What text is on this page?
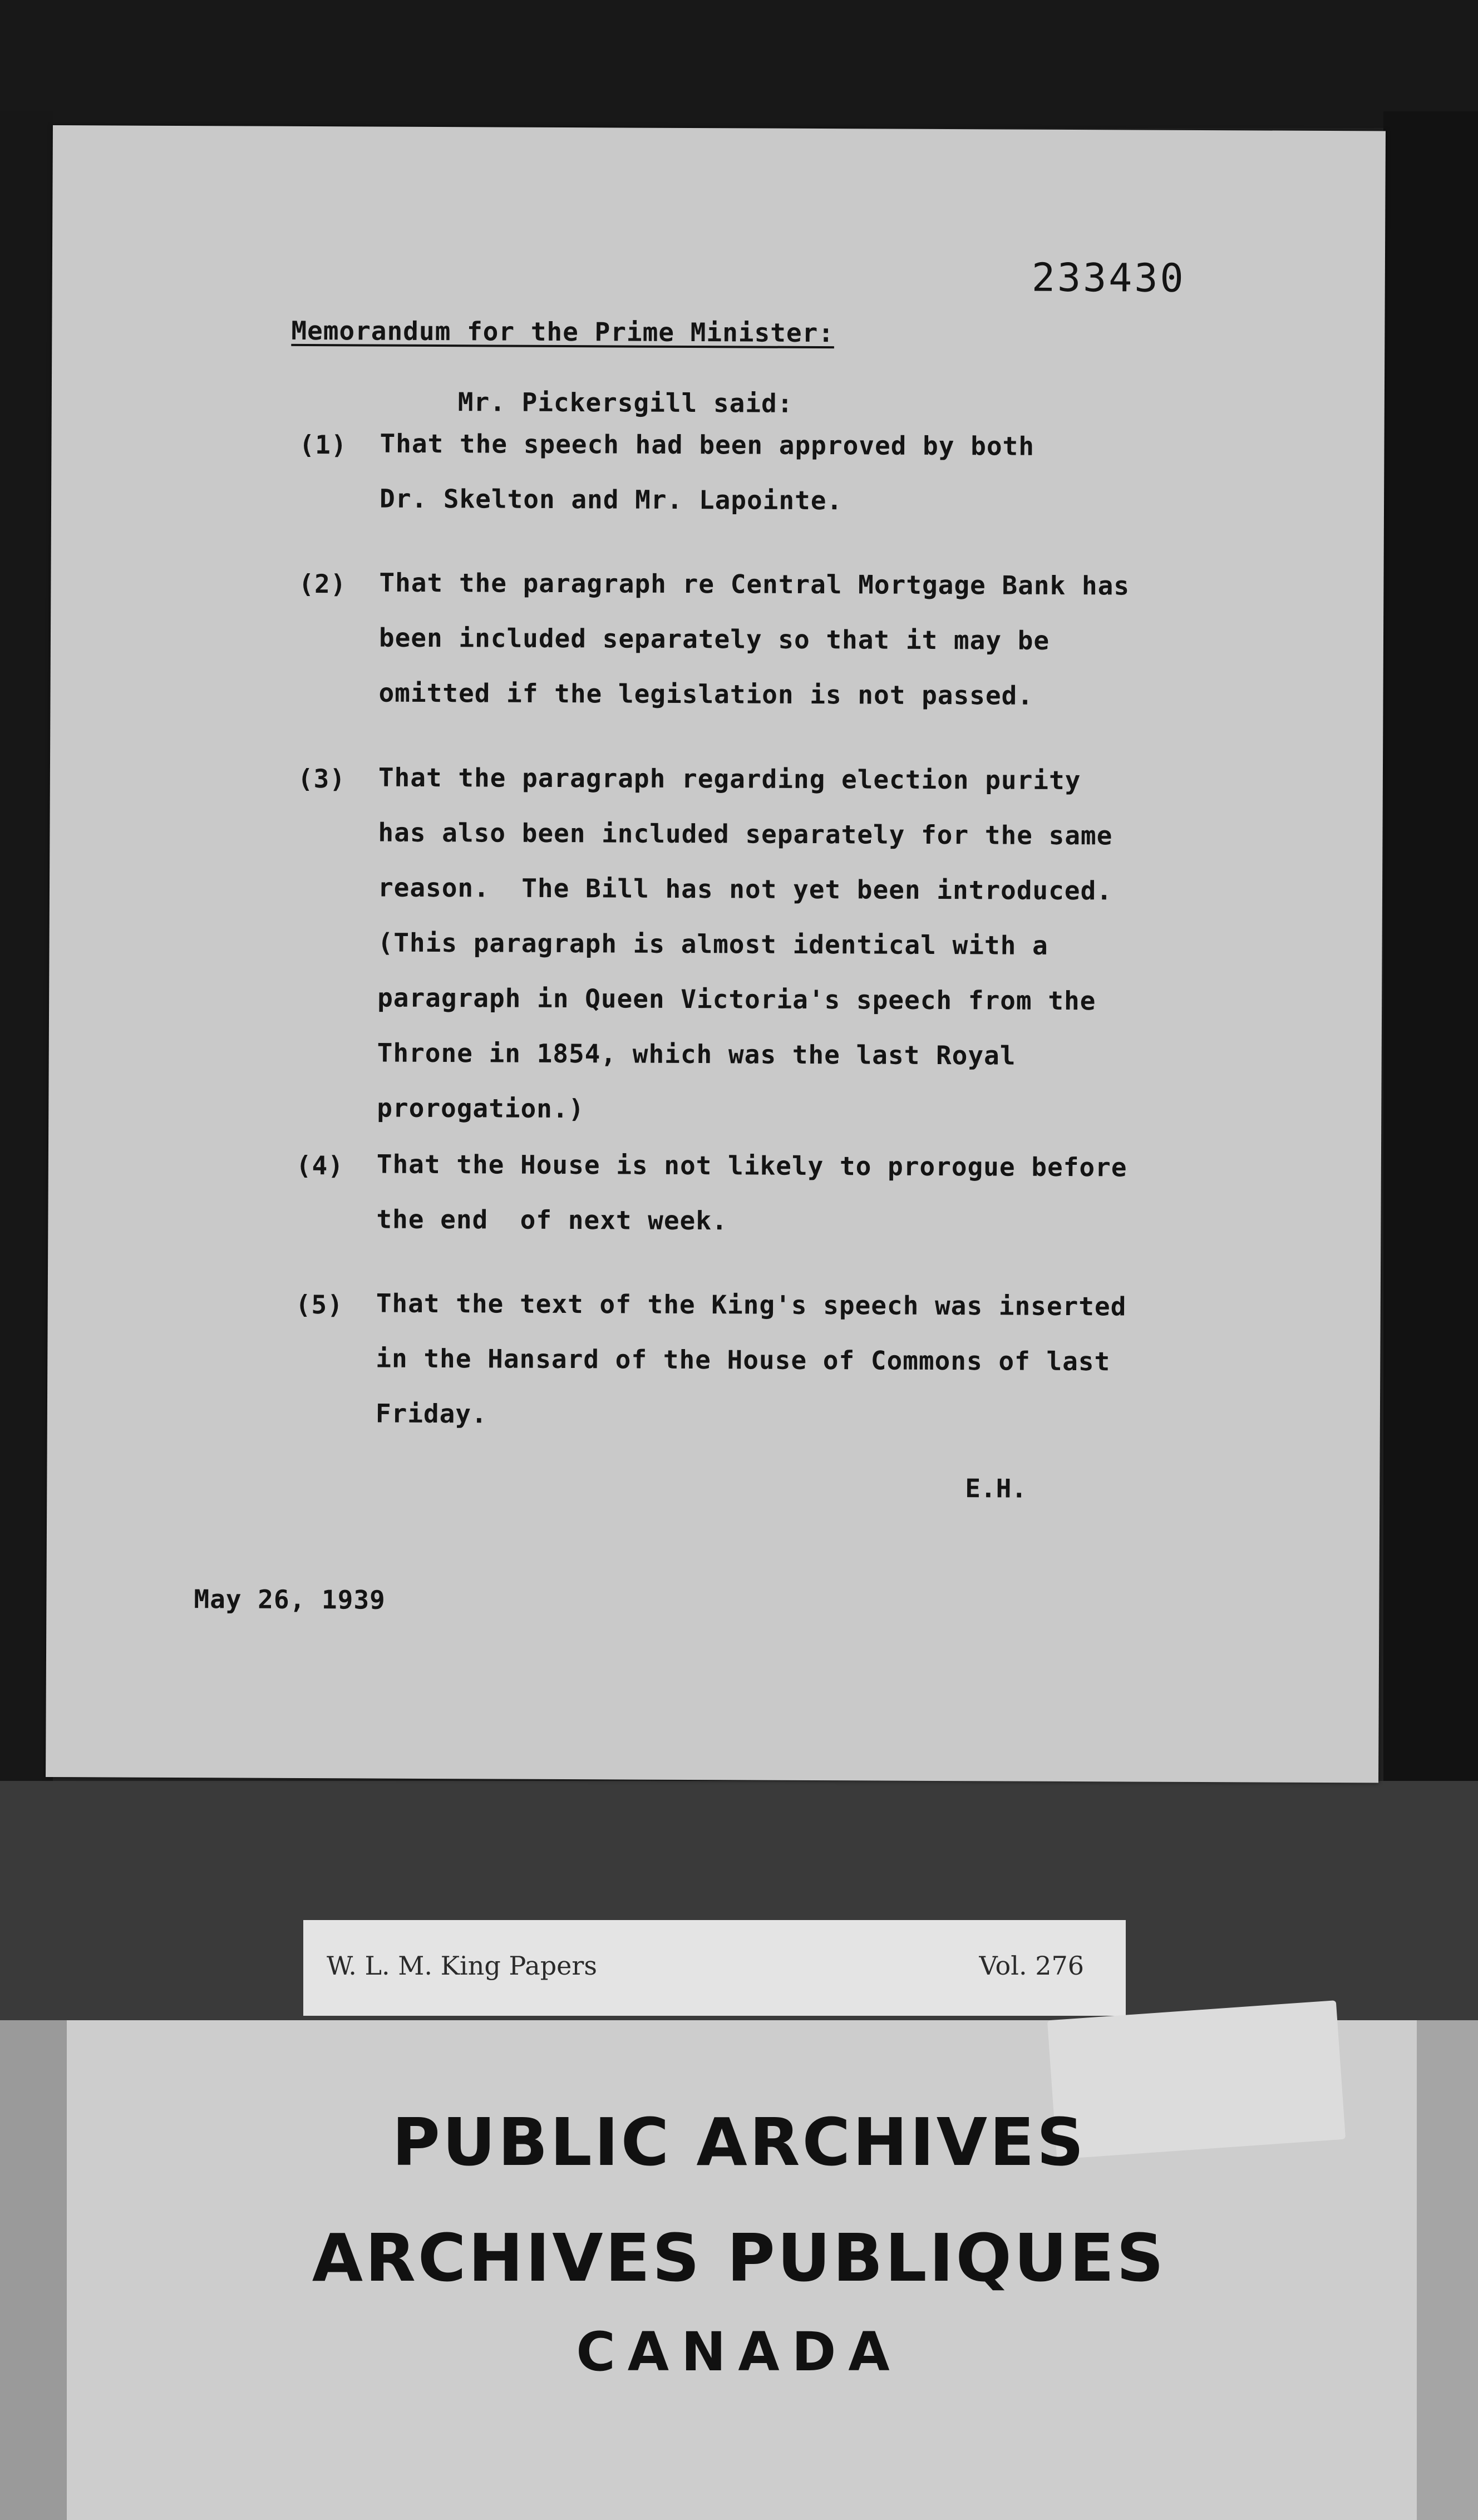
233430
Memorandum for the Prime Minister:
Mr. Pickersgill said:
(1) That the speech had been approved by both
Dr. Skelton and Mr. Lapointe.
(2) That the paragraph re Central Mortgage Bank has
been included separately so that it may be
omitted if the legislation is not passed.
(3) That the paragraph regarding election purity
has also been included separately for the same
reason.  The Bill has not yet been introduced.
(This paragraph is almost identical with a
paragraph in Queen Victoria's speech from the
Throne in 1854, which was the last Royal
prorogation.)
(4) That the House is not likely to prorogue before
the end  of next week.
(5) That the text of the King's speech was inserted
in the Hansard of the House of Commons of last
Friday.
E.H.
May 26, 1939
W. L. M. King Papers	Vol. 276
PUBLIC ARCHIVES
ARCHIVES PUBLIQUES
CANADA
